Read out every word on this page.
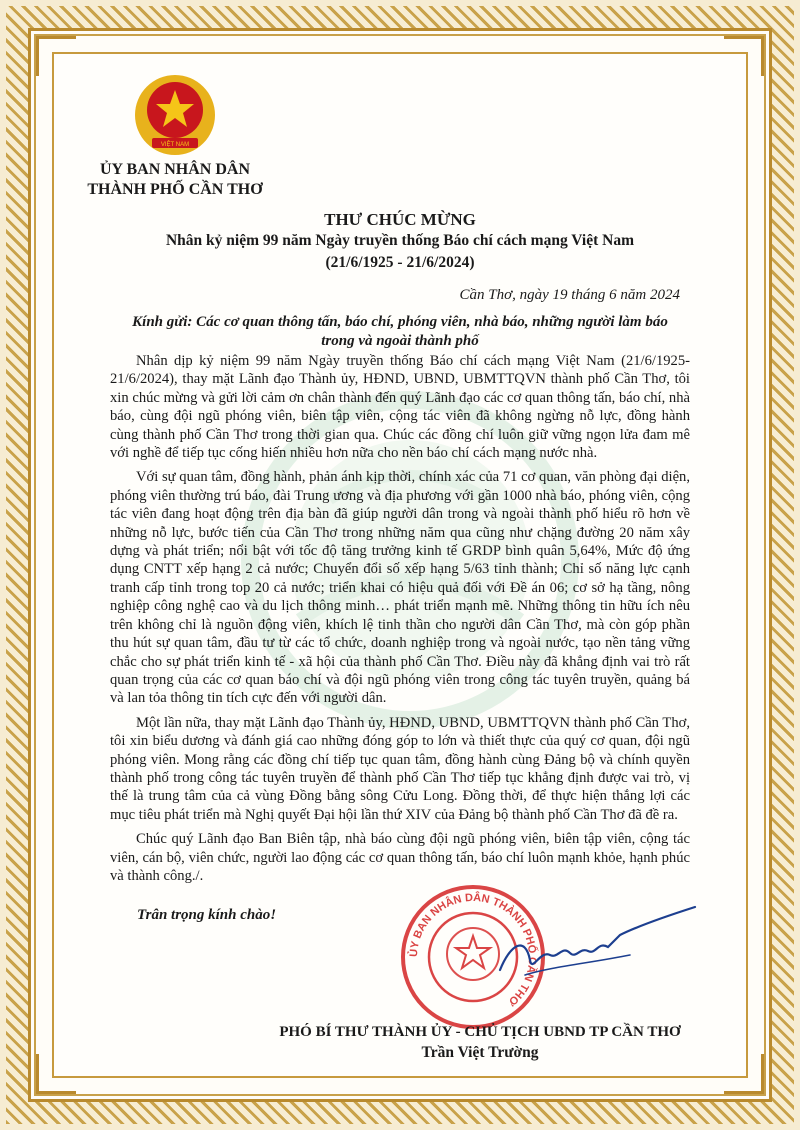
VIỆT NAM
ỦY BAN NHÂN DÂN
THÀNH PHỐ CẦN THƠ
THƯ CHÚC MỪNG
Nhân kỷ niệm 99 năm Ngày truyền thống Báo chí cách mạng Việt Nam
(21/6/1925 - 21/6/2024)
Cần Thơ, ngày 19 tháng 6 năm 2024
Kính gửi: Các cơ quan thông tấn, báo chí, phóng viên, nhà báo, những người làm báo
trong và ngoài thành phố

Nhân dịp kỷ niệm 99 năm Ngày truyền thống Báo chí cách mạng Việt Nam (21/6/1925-21/6/2024), thay mặt Lãnh đạo Thành ủy, HĐND, UBND, UBMTTQVN thành phố Cần Thơ, tôi xin chúc mừng và gửi lời cảm ơn chân thành đến quý Lãnh đạo các cơ quan thông tấn, báo chí, nhà báo, cùng đội ngũ phóng viên, biên tập viên, cộng tác viên đã không ngừng nỗ lực, đồng hành cùng thành phố Cần Thơ trong thời gian qua. Chúc các đồng chí luôn giữ vững ngọn lửa đam mê với nghề để tiếp tục cống hiến nhiều hơn nữa cho nền báo chí cách mạng nước nhà.

Với sự quan tâm, đồng hành, phản ánh kịp thời, chính xác của 71 cơ quan, văn phòng đại diện, phóng viên thường trú báo, đài Trung ương và địa phương với gần 1000 nhà báo, phóng viên, cộng tác viên đang hoạt động trên địa bàn đã giúp người dân trong và ngoài thành phố hiểu rõ hơn về những nỗ lực, bước tiến của Cần Thơ trong những năm qua cũng như chặng đường 20 năm xây dựng và phát triển; nổi bật với tốc độ tăng trưởng kinh tế GRDP bình quân 5,64%, Mức độ ứng dụng CNTT xếp hạng 2 cả nước; Chuyển đổi số xếp hạng 5/63 tỉnh thành; Chỉ số năng lực cạnh tranh cấp tỉnh trong top 20 cả nước; triển khai có hiệu quả đối với Đề án 06; cơ sở hạ tầng, nông nghiệp công nghệ cao và du lịch thông minh… phát triển mạnh mẽ. Những thông tin hữu ích nêu trên không chỉ là nguồn động viên, khích lệ tinh thần cho người dân Cần Thơ, mà còn góp phần thu hút sự quan tâm, đầu tư từ các tổ chức, doanh nghiệp trong và ngoài nước, tạo nền tảng vững chắc cho sự phát triển kinh tế - xã hội của thành phố Cần Thơ. Điều này đã khẳng định vai trò rất quan trọng của các cơ quan báo chí và đội ngũ phóng viên trong công tác tuyên truyền, quảng bá và lan tỏa thông tin tích cực đến với người dân.

Một lần nữa, thay mặt Lãnh đạo Thành ủy, HĐND, UBND, UBMTTQVN thành phố Cần Thơ, tôi xin biểu dương và đánh giá cao những đóng góp to lớn và thiết thực của quý cơ quan, đội ngũ phóng viên. Mong rằng các đồng chí tiếp tục quan tâm, đồng hành cùng Đảng bộ và chính quyền thành phố trong công tác tuyên truyền để thành phố Cần Thơ tiếp tục khẳng định được vai trò, vị thế là trung tâm của cả vùng Đồng bằng sông Cửu Long. Đồng thời, để thực hiện thắng lợi các mục tiêu phát triển mà Nghị quyết Đại hội lần thứ XIV của Đảng bộ thành phố Cần Thơ đã đề ra.

Chúc quý Lãnh đạo Ban Biên tập, nhà báo cùng đội ngũ phóng viên, biên tập viên, cộng tác viên, cán bộ, viên chức, người lao động các cơ quan thông tấn, báo chí luôn mạnh khỏe, hạnh phúc và thành công./.

Trân trọng kính chào!
ỦY BAN NHÂN DÂN THÀNH PHỐ CẦN THƠ
PHÓ BÍ THƯ THÀNH ỦY - CHỦ TỊCH UBND TP CẦN THƠ
Trần Việt Trường
